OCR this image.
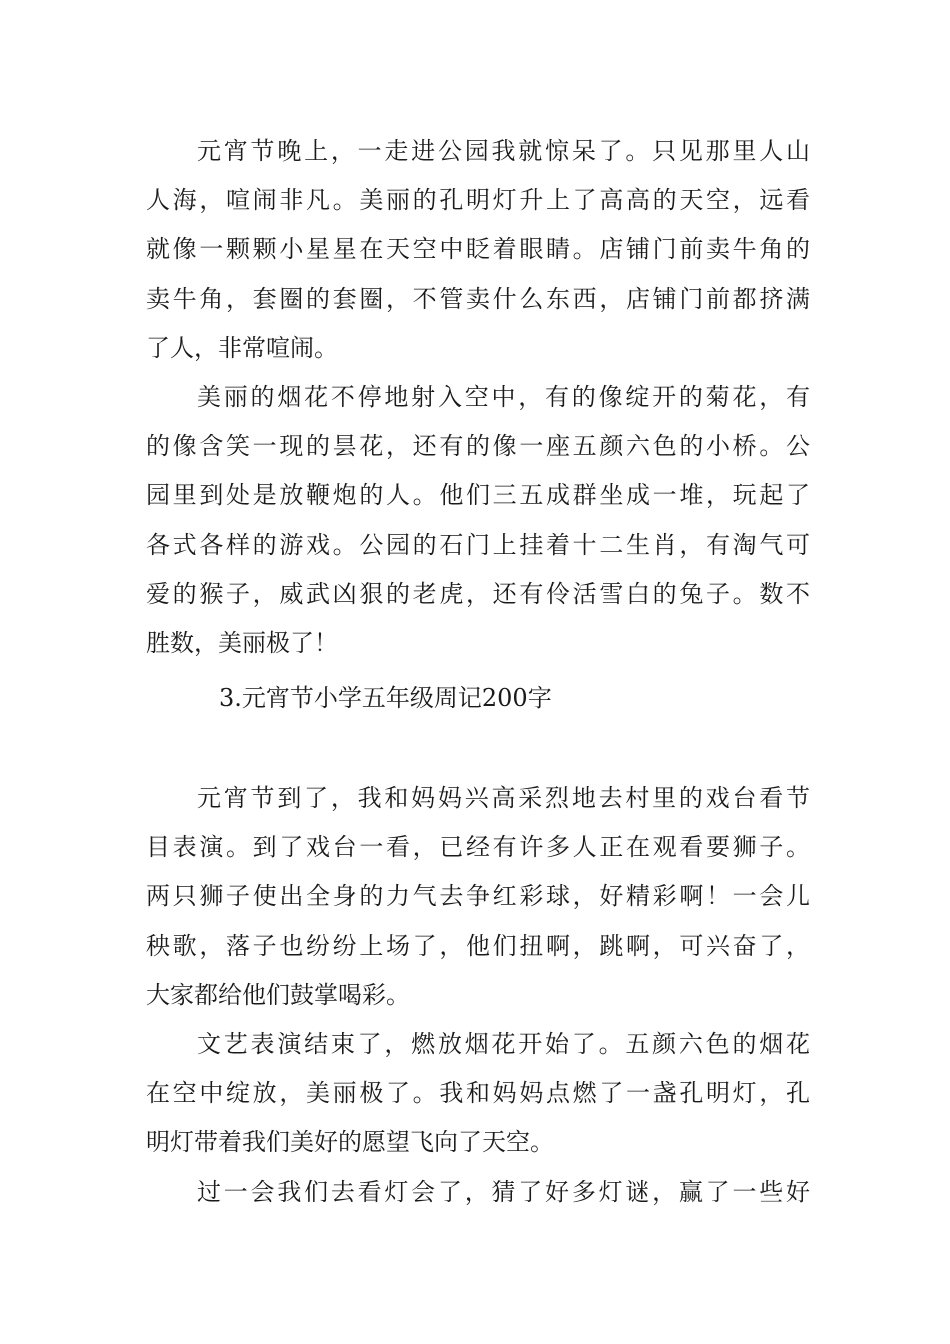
元宵节晚上，一走进公园我就惊呆了。只见那里人山
人海，喧闹非凡。美丽的孔明灯升上了高高的天空，远看
就像一颗颗小星星在天空中眨着眼睛。店铺门前卖牛角的
卖牛角，套圈的套圈，不管卖什么东西，店铺门前都挤满
了人，非常喧闹。
美丽的烟花不停地射入空中，有的像绽开的菊花，有
的像含笑一现的昙花，还有的像一座五颜六色的小桥。公
园里到处是放鞭炮的人。他们三五成群坐成一堆，玩起了
各式各样的游戏。公园的石门上挂着十二生肖，有淘气可
爱的猴子，威武凶狠的老虎，还有伶活雪白的兔子。数不
胜数，美丽极了！
3.元宵节小学五年级周记200字
元宵节到了，我和妈妈兴高采烈地去村里的戏台看节
目表演。到了戏台一看，已经有许多人正在观看要狮子。
两只狮子使出全身的力气去争红彩球，好精彩啊！一会儿
秧歌，落子也纷纷上场了，他们扭啊，跳啊，可兴奋了，
大家都给他们鼓掌喝彩。
文艺表演结束了，燃放烟花开始了。五颜六色的烟花
在空中绽放，美丽极了。我和妈妈点燃了一盏孔明灯，孔
明灯带着我们美好的愿望飞向了天空。
过一会我们去看灯会了，猜了好多灯谜，赢了一些好
